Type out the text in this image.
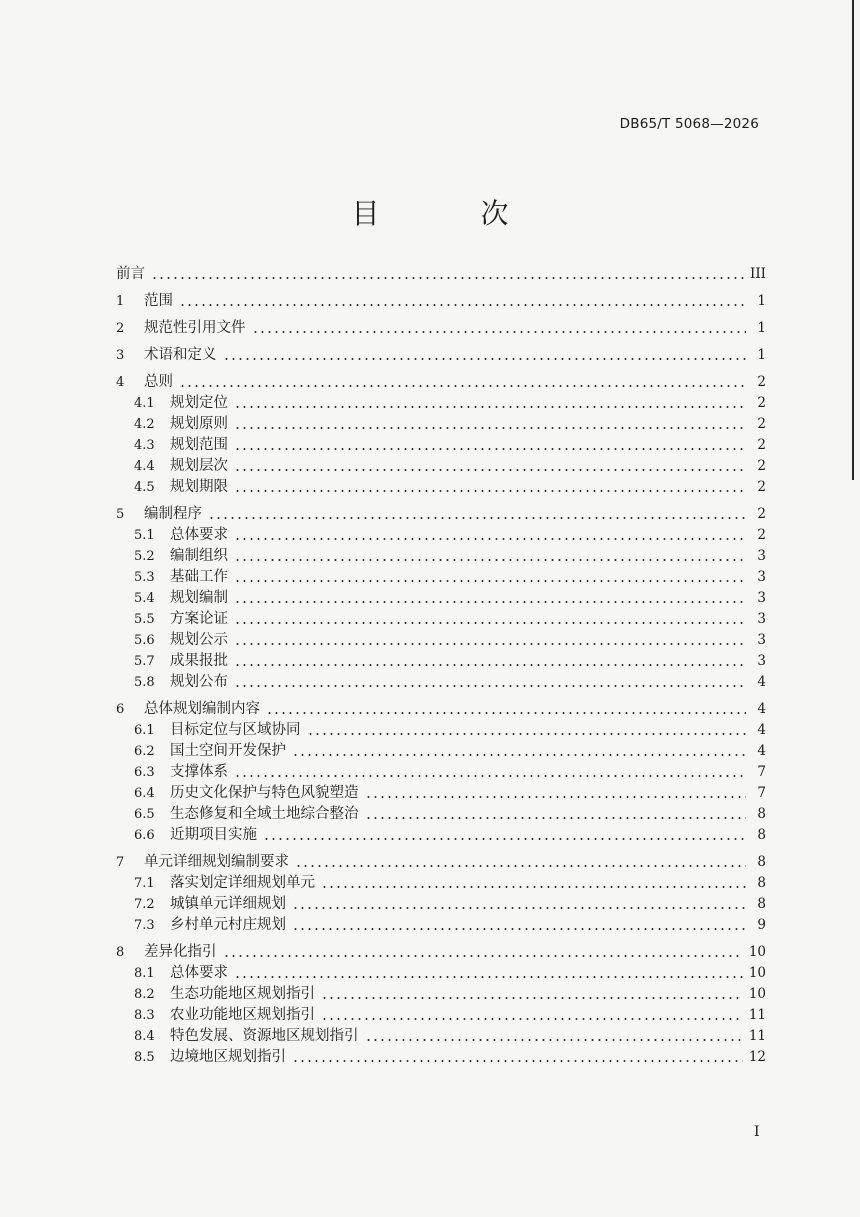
DB65/T 5068—2026
目 次
前言	III
1	范围	1
2	规范性引用文件	1
3	术语和定义	1
4	总则	2
4.1	规划定位	2
4.2	规划原则	2
4.3	规划范围	2
4.4	规划层次	2
4.5	规划期限	2
5	编制程序	2
5.1	总体要求	2
5.2	编制组织	3
5.3	基础工作	3
5.4	规划编制	3
5.5	方案论证	3
5.6	规划公示	3
5.7	成果报批	3
5.8	规划公布	4
6	总体规划编制内容	4
6.1	目标定位与区域协同	4
6.2	国土空间开发保护	4
6.3	支撑体系	7
6.4	历史文化保护与特色风貌塑造	7
6.5	生态修复和全域土地综合整治	8
6.6	近期项目实施	8
7	单元详细规划编制要求	8
7.1	落实划定详细规划单元	8
7.2	城镇单元详细规划	8
7.3	乡村单元村庄规划	9
8	差异化指引	10
8.1	总体要求	10
8.2	生态功能地区规划指引	10
8.3	农业功能地区规划指引	11
8.4	特色发展、资源地区规划指引	11
8.5	边境地区规划指引	12
I
